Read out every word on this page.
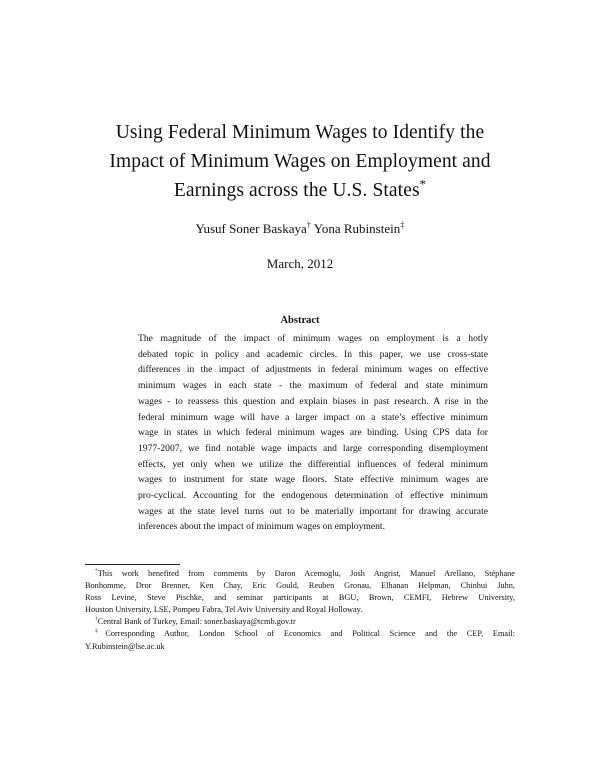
Using Federal Minimum Wages to Identify the
Impact of Minimum Wages on Employment and
Earnings across the U.S. States*
Yusuf Soner Baskaya† Yona Rubinstein‡
March, 2012
Abstract
The magnitude of the impact of minimum wages on employment is a hotly
debated topic in policy and academic circles. In this paper, we use cross-state
differences in the impact of adjustments in federal minimum wages on effective
minimum wages in each state - the maximum of federal and state minimum
wages - to reassess this question and explain biases in past research. A rise in the
federal minimum wage will have a larger impact on a state’s effective minimum
wage in states in which federal minimum wages are binding. Using CPS data for
1977-2007, we find notable wage impacts and large corresponding disemployment
effects, yet only when we utilize the differential influences of federal minimum
wages to instrument for state wage floors. State effective minimum wages are
pro-cyclical. Accounting for the endogenous determination of effective minimum
wages at the state level turns out to be materially important for drawing accurate
inferences about the impact of minimum wages on employment.
*This work benefited from comments by Daron Acemoglu, Josh Angrist, Manuel Arellano, Stéphane
Bonhomme, Dror Brenner, Ken Chay, Eric Gould, Reuben Gronau, Elhanan Helpman, Chinhui Juhn,
Ross Levine, Steve Pischke, and seminar participants at BGU, Brown, CEMFI, Hebrew University,
Houston University, LSE, Pompeu Fabra, Tel Aviv University and Royal Holloway.
†Central Bank of Turkey, Email: soner.baskaya@tcmb.gov.tr
‡Corresponding Author, London School of Economics and Political Science and the CEP, Email:
Y.Rubinstein@lse.ac.uk
